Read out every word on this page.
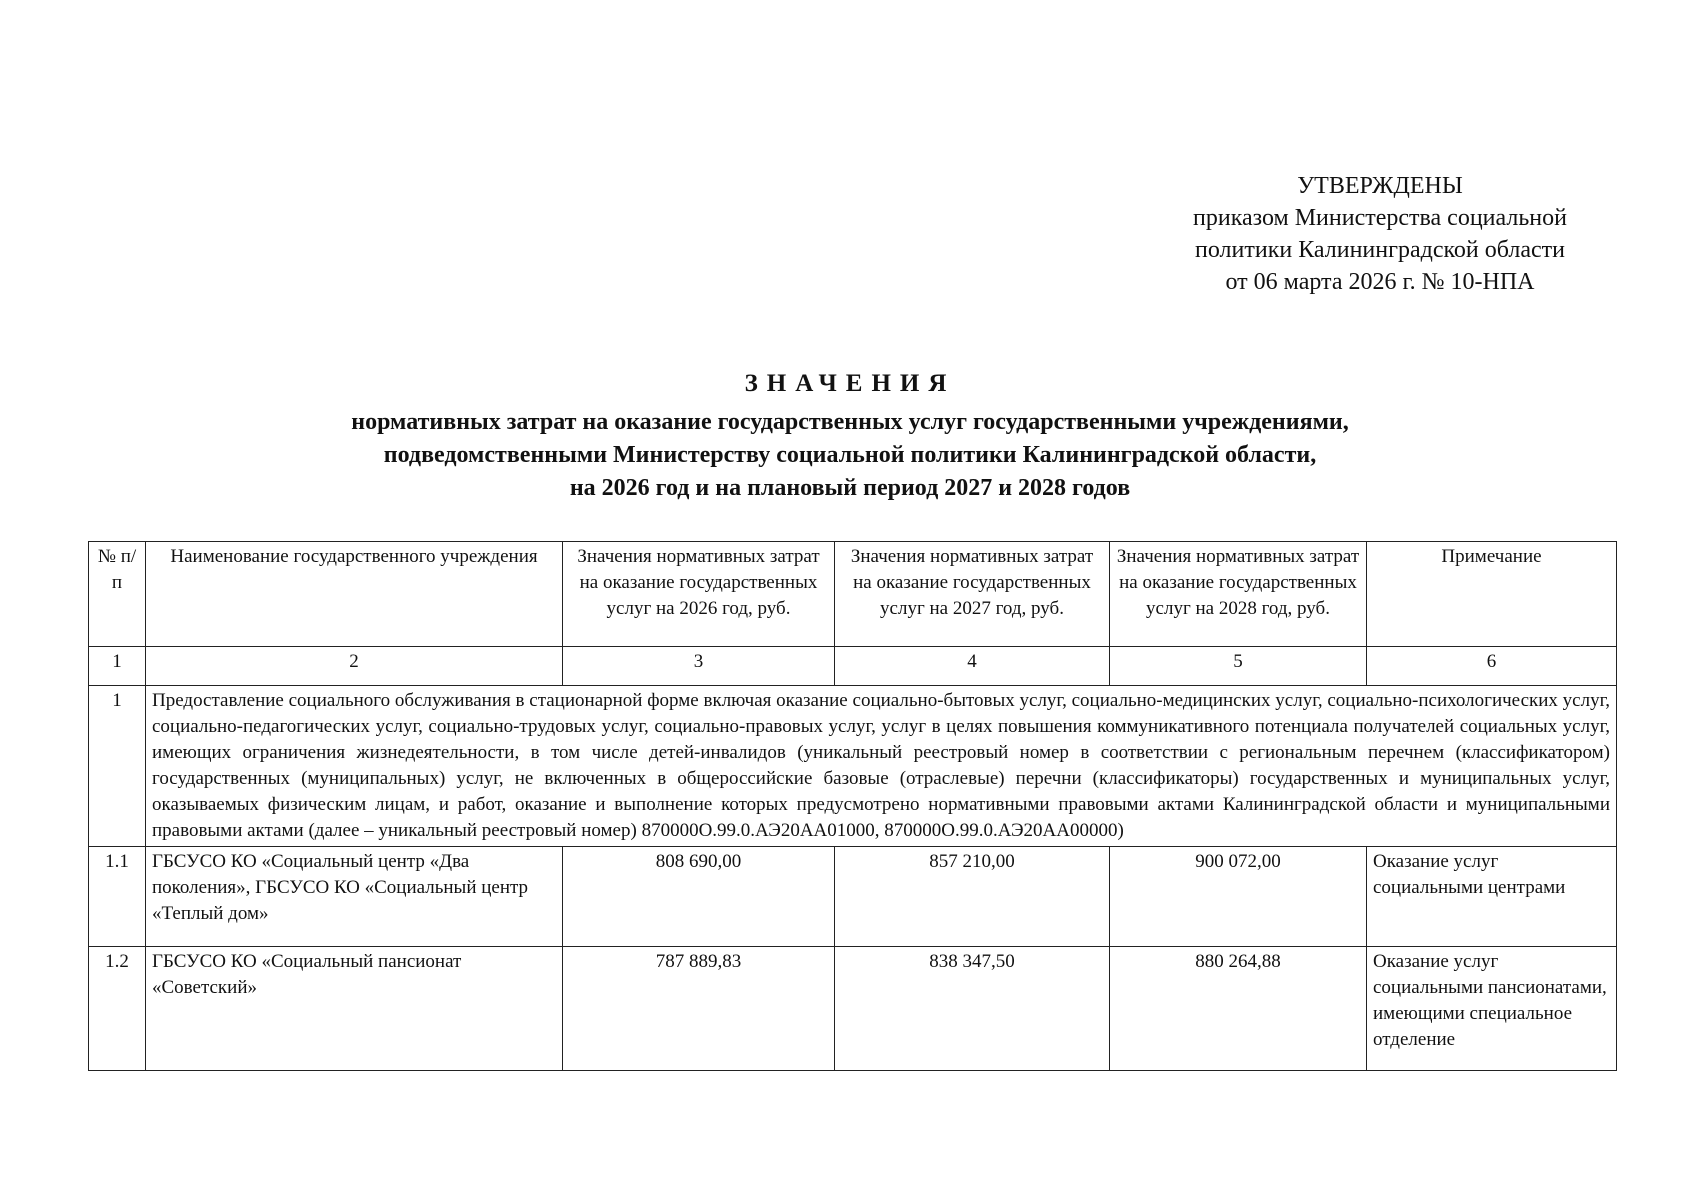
УТВЕРЖДЕНЫ
приказом Министерства социальной
политики Калининградской области
от 06 марта 2026 г. № 10-НПА
ЗНАЧЕНИЯ
нормативных затрат на оказание государственных услуг государственными учреждениями,
подведомственными Министерству социальной политики Калининградской области,
на 2026 год и на плановый период 2027 и 2028 годов
№ п/п	Наименование государственного учреждения	Значения нормативных затрат на оказание государственных услуг на 2026 год, руб.	Значения нормативных затрат на оказание государственных услуг на 2027 год, руб.	Значения нормативных затрат на оказание государственных услуг на 2028 год, руб.	Примечание
1	2	3	4	5	6
1	Предоставление социального обслуживания в стационарной форме включая оказание социально-бытовых услуг, социально-медицинских услуг, социально-психологических услуг, социально-педагогических услуг, социально-трудовых услуг, социально-правовых услуг, услуг в целях повышения коммуникативного потенциала получателей социальных услуг, имеющих ограничения жизнедеятельности, в том числе детей-инвалидов (уникальный реестровый номер в соответствии с региональным перечнем (классификатором) государственных (муниципальных) услуг, не включенных в общероссийские базовые (отраслевые) перечни (классификаторы) государственных и муниципальных услуг, оказываемых физическим лицам, и работ, оказание и выполнение которых предусмотрено нормативными правовыми актами Калининградской области и муниципальными правовыми актами (далее – уникальный реестровый номер) 870000О.99.0.АЭ20АА01000, 870000О.99.0.АЭ20АА00000)				
1.1	ГБСУСО КО «Социальный центр «Два поколения», ГБСУСО КО «Социальный центр «Теплый дом»	808 690,00	857 210,00	900 072,00	Оказание услуг социальными центрами
1.2	ГБСУСО КО «Социальный пансионат «Советский»	787 889,83	838 347,50	880 264,88	Оказание услуг социальными пансионатами, имеющими специальное отделение
